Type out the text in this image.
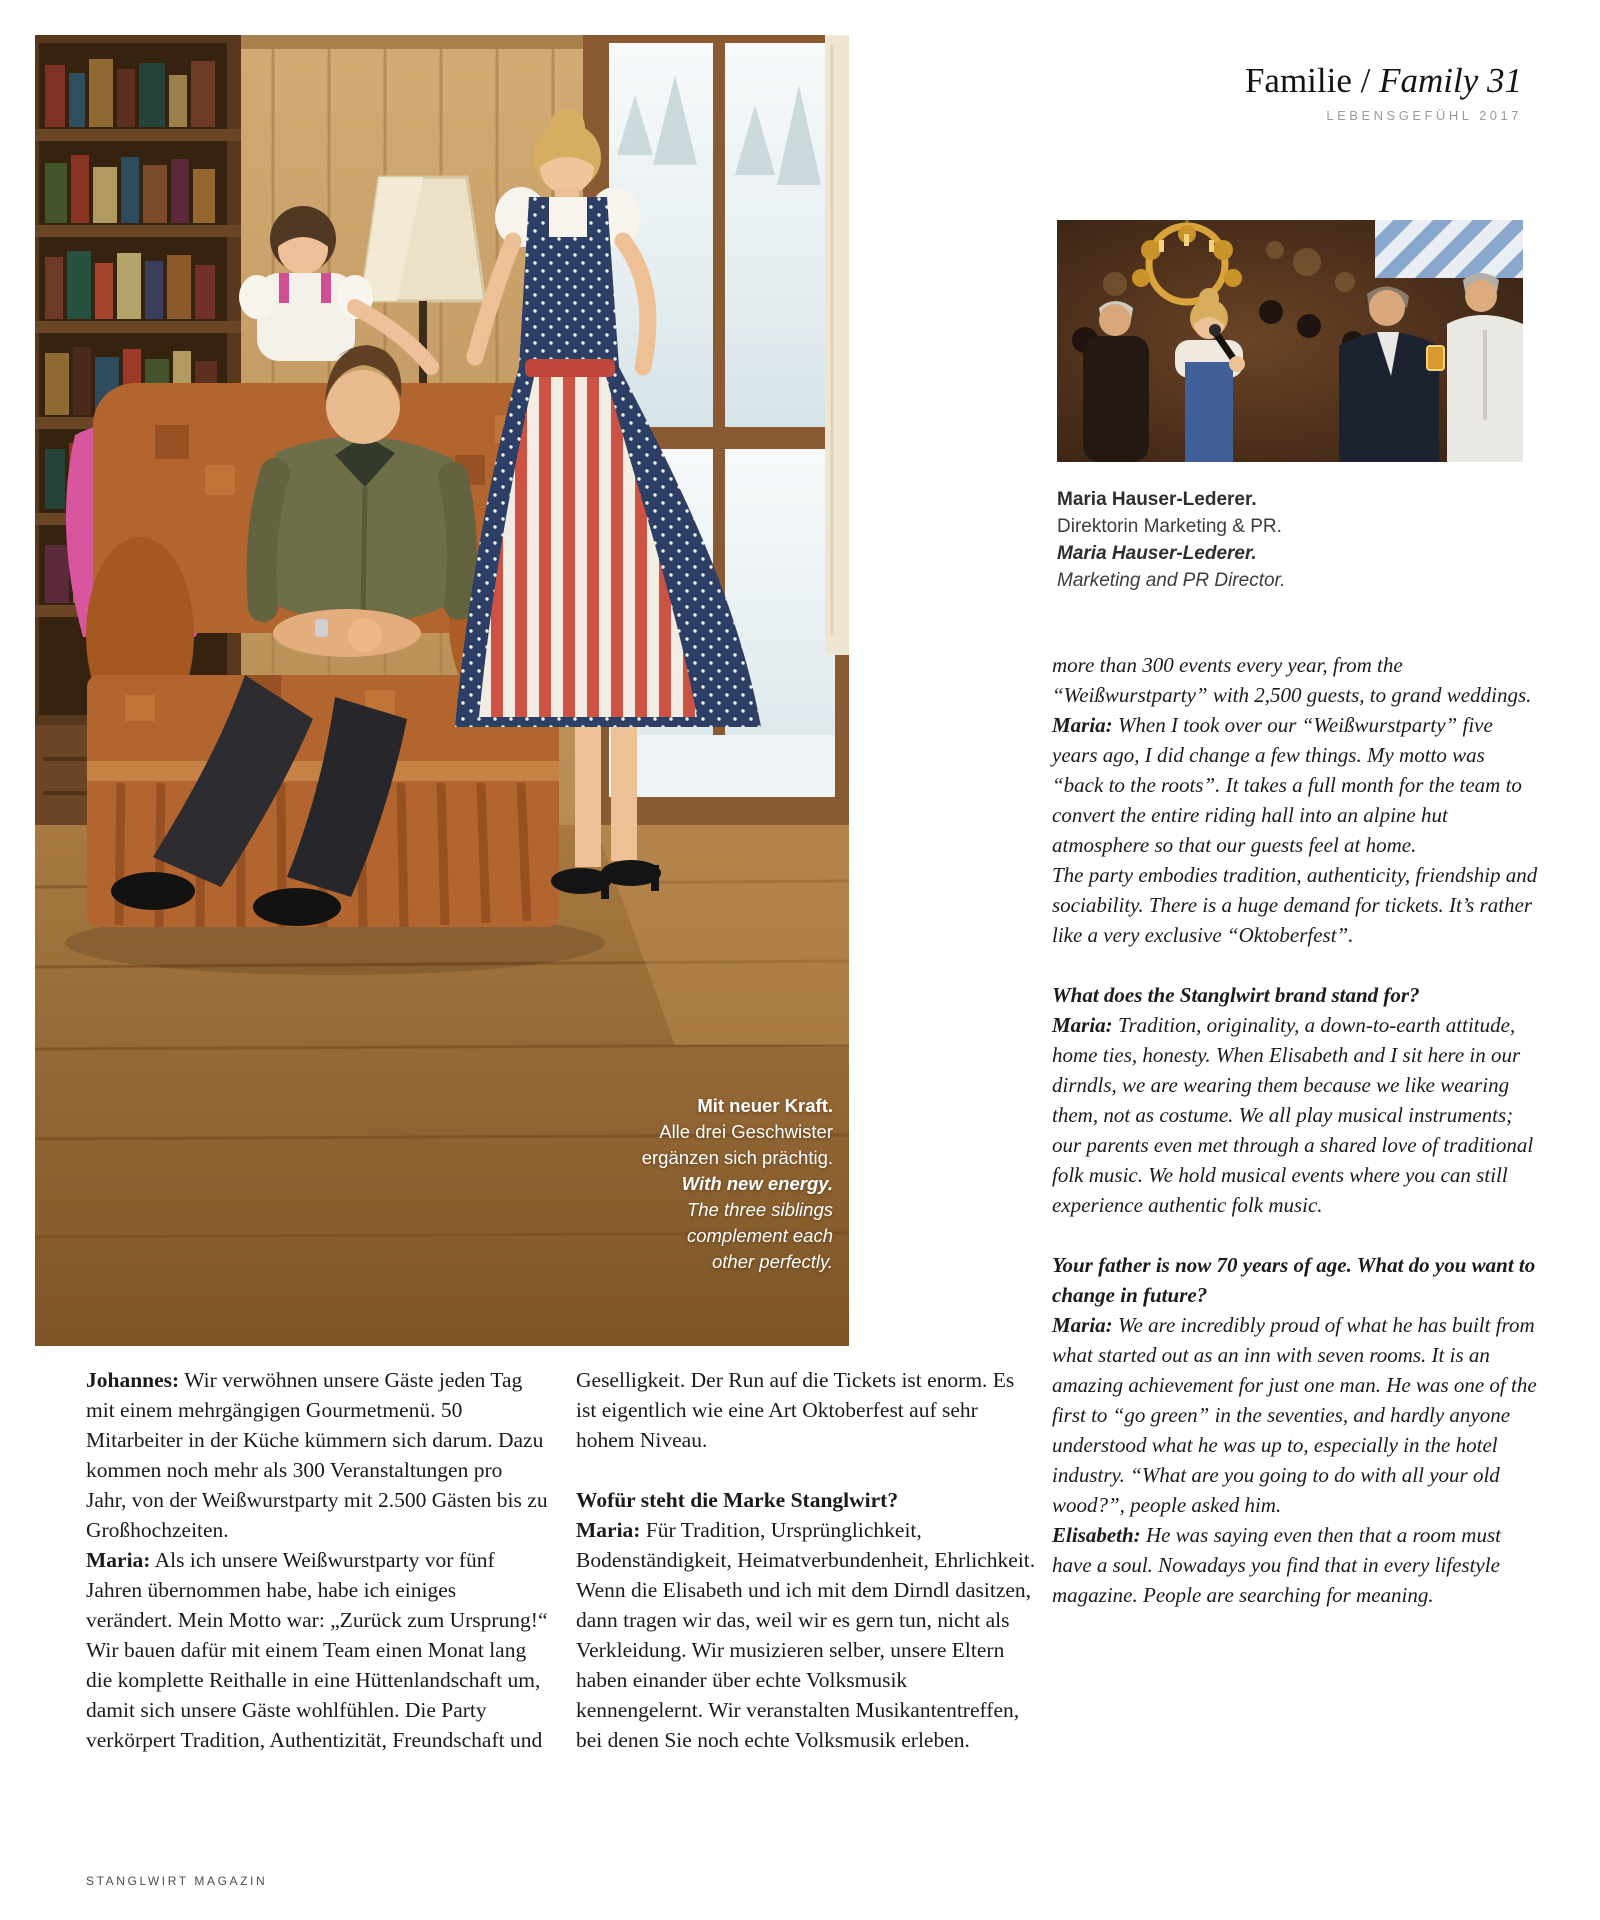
Mit neuer Kraft.
Alle drei Geschwister
ergänzen sich prächtig.
With new energy.
The three siblings
complement each
other perfectly.
Familie / Family 31
LEBENSGEFÜHL 2017
Maria Hauser-Lederer.
Direktorin Marketing & PR.
Maria Hauser-Lederer.
Marketing and PR Director.

more than 300 events every year, from the “Weißwurstparty” with 2,500 guests, to grand weddings.

Maria: When I took over our “Weißwurstparty” five years ago, I did change a few things. My motto was “back to the roots”. It takes a full month for the team to convert the entire riding hall into an alpine hut atmosphere so that our guests feel at home.

The party embodies tradition, authenticity, friendship and sociability. There is a huge demand for tickets. It’s rather like a very exclusive “Oktoberfest”.

What does the Stanglwirt brand stand for?

Maria: Tradition, originality, a down-to-earth attitude, home ties, honesty. When Elisabeth and I sit here in our dirndls, we are wearing them because we like wearing them, not as costume. We all play musical instruments; our parents even met through a shared love of traditional folk music. We hold musical events where you can still experience authentic folk music.

Your father is now 70 years of age. What do you want to change in future?

Maria: We are incredibly proud of what he has built from what started out as an inn with seven rooms. It is an amazing achievement for just one man. He was one of the first to “go green” in the seventies, and hardly anyone understood what he was up to, especially in the hotel industry. “What are you going to do with all your old wood?”, people asked him.

Elisabeth: He was saying even then that a room must have a soul. Nowadays you find that in every lifestyle magazine. People are searching for meaning.

Johannes: Wir verwöhnen unsere Gäste jeden Tag mit einem mehrgängigen Gourmetmenü. 50 Mitarbeiter in der Küche kümmern sich darum. Dazu kommen noch mehr als 300 Veranstaltungen pro Jahr, von der Weißwurstparty mit 2.500 Gästen bis zu Großhochzeiten.

Maria: Als ich unsere Weißwurstparty vor fünf Jahren übernommen habe, habe ich einiges verändert. Mein Motto war: „Zurück zum Ursprung!“ Wir bauen dafür mit einem Team einen Monat lang die komplette Reithalle in eine Hüttenlandschaft um, damit sich unsere Gäste wohlfühlen. Die Party verkörpert Tradition, Authentizität, Freundschaft und

Geselligkeit. Der Run auf die Tickets ist enorm. Es ist eigentlich wie eine Art Oktoberfest auf sehr hohem Niveau.

Wofür steht die Marke Stanglwirt?

Maria: Für Tradition, Ursprünglichkeit, Bodenständigkeit, Heimatverbundenheit, Ehrlichkeit. Wenn die Elisabeth und ich mit dem Dirndl dasitzen, dann tragen wir das, weil wir es gern tun, nicht als Verkleidung. Wir musizieren selber, unsere Eltern haben einander über echte Volksmusik kennengelernt. Wir veranstalten Musikantentreffen, bei denen Sie noch echte Volksmusik erleben.

STANGLWIRT MAGAZIN
